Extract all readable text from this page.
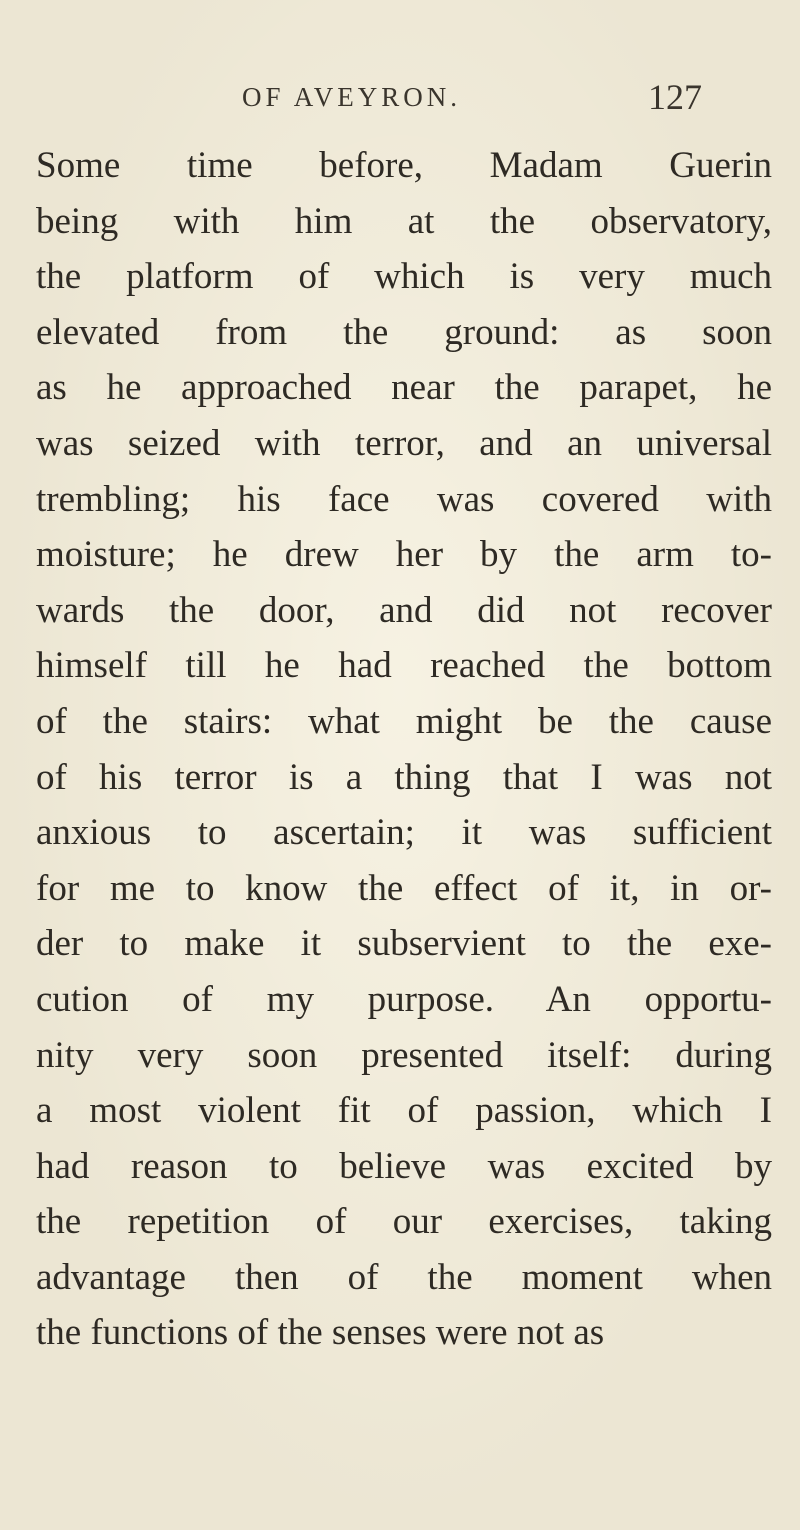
OF AVEYRON.	127
Some time before, Madam Guerin
being with him at the observatory,
the platform of which is very much
elevated from the ground: as soon
as he approached near the parapet, he
was seized with terror, and an universal
trembling; his face was covered with
moisture; he drew her by the arm to-
wards the door, and did not recover
himself till he had reached the bottom
of the stairs: what might be the cause
of his terror is a thing that I was not
anxious to ascertain; it was sufficient
for me to know the effect of it, in or-
der to make it subservient to the exe-
cution of my purpose. An opportu-
nity very soon presented itself: during
a most violent fit of passion, which I
had reason to believe was excited by
the repetition of our exercises, taking
advantage then of the moment when
the functions of the senses were not as
